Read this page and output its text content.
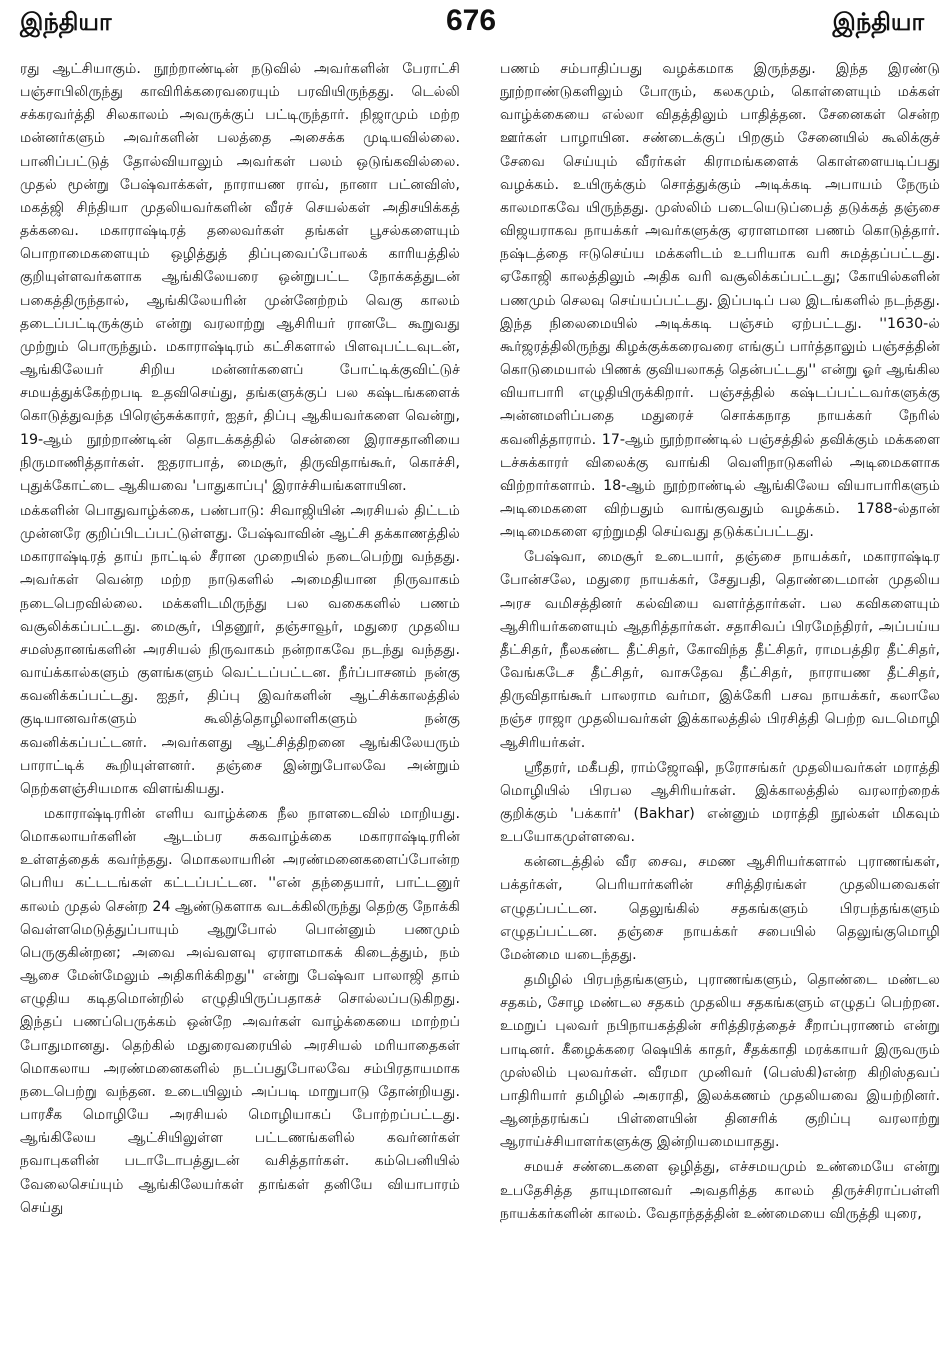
இந்தியா	676	இந்தியா

ரது ஆட்சியாகும். நூற்றாண்டின் நடுவில் அவர்களின் பேராட்சி பஞ்சாபிலிருந்து காவிரிக்கரைவரையும் பரவியிருந்தது. டெல்லி சக்கரவர்த்தி சிலகாலம் அவருக்குப் பட்டிருந்தார். நிஜாமும் மற்ற மன்னர்களும் அவர்களின் பலத்தை அசைக்க முடியவில்லை. பானிப்பட்டுத் தோல்வியாலும் அவர்கள் பலம் ஒடுங்கவில்லை. முதல் மூன்று பேஷ்வாக்கள், நாராயண ராவ், நானா பட்னவிஸ், மகத்ஜி சிந்தியா முதலியவர்களின் வீரச் செயல்கள் அதிசயிக்கத் தக்கவை. மகாராஷ்டிரத் தலைவர்கள் தங்கள் பூசல்களையும் பொறாமைகளையும் ஒழித்துத் திப்புவைப்போலக் காரியத்தில் குறியுள்ளவர்களாக ஆங்கிலேயரை ஒன்றுபட்ட நோக்கத்துடன் பகைத்திருந்தால், ஆங்கிலேயரின் முன்னேற்றம் வெகு காலம் தடைப்பட்டிருக்கும் என்று வரலாற்று ஆசிரியர் ரானடே கூறுவது முற்றும் பொருந்தும். மகாராஷ்டிரம் கட்சிகளால் பிளவுபட்டவுடன், ஆங்கிலேயர் சிறிய மன்னர்களைப் போட்டிக்குவிட்டுச் சமயத்துக்கேற்றபடி உதவிசெய்து, தங்களுக்குப் பல கஷ்டங்களைக் கொடுத்துவந்த பிரெஞ்சுக்காரர், ஐதர், திப்பு ஆகியவர்களை வென்று, 19-ஆம் நூற்றாண்டின் தொடக்கத்தில் சென்னை இராசதானியை நிருமாணித்தார்கள். ஐதராபாத், மைசூர், திருவிதாங்கூர், கொச்சி, புதுக்கோட்டை ஆகியவை 'பாதுகாப்பு' இராச்சியங்களாயின.

மக்களின் பொதுவாழ்க்கை, பண்பாடு: சிவாஜியின் அரசியல் திட்டம் முன்னரே குறிப்பிடப்பட்டுள்ளது. பேஷ்வாவின் ஆட்சி தக்காணத்தில் மகாராஷ்டிரத் தாய் நாட்டில் சீரான முறையில் நடைபெற்று வந்தது. அவர்கள் வென்ற மற்ற நாடுகளில் அமைதியான நிருவாகம் நடைபெறவில்லை. மக்களிடமிருந்து பல வகைகளில் பணம் வசூலிக்கப்பட்டது. மைசூர், பிதனூர், தஞ்சாவூர், மதுரை முதலிய சமஸ்தானங்களின் அரசியல் நிருவாகம் நன்றாகவே நடந்து வந்தது. வாய்க்கால்களும் குளங்களும் வெட்டப்பட்டன. நீர்ப்பாசனம் நன்கு கவனிக்கப்பட்டது. ஐதர், திப்பு இவர்களின் ஆட்சிக்காலத்தில் குடியானவர்களும் கூலித்தொழிலாளிகளும் நன்கு கவனிக்கப்பட்டனர். அவர்களது ஆட்சித்திறனை ஆங்கிலேயரும் பாராட்டிக் கூறியுள்ளனர். தஞ்சை இன்றுபோலவே அன்றும் நெற்களஞ்சியமாக விளங்கியது.

மகாராஷ்டிரரின் எளிய வாழ்க்கை நீல நாளடைவில் மாறியது. மொகலாயர்களின் ஆடம்பர சுகவாழ்க்கை மகாராஷ்டிரரின் உள்ளத்தைக் கவர்ந்தது. மொகலாயரின் அரண்மனைகளைப்போன்ற பெரிய கட்டடங்கள் கட்டப்பட்டன. ''என் தந்தையார், பாட்டனுர் காலம் முதல் சென்ற 24 ஆண்டுகளாக வடக்கிலிருந்து தெற்கு நோக்கி வெள்ளமெடுத்துப்பாயும் ஆறுபோல் பொன்னும் பணமும் பெருகுகின்றன; அவை அவ்வளவு ஏராளமாகக் கிடைத்தும், நம் ஆசை மேன்மேலும் அதிகரிக்கிறது'' என்று பேஷ்வா பாலாஜி தாம் எழுதிய கடிதமொன்றில் எழுதியிருப்பதாகச் சொல்லப்படுகிறது. இந்தப் பணப்பெருக்கம் ஒன்றே அவர்கள் வாழ்க்கையை மாற்றப் போதுமானது. தெற்கில் மதுரைவரையில் அரசியல் மரியாதைகள் மொகலாய அரண்மனைகளில் நடப்பதுபோலவே சம்பிரதாயமாக நடைபெற்று வந்தன. உடையிலும் அப்படி மாறுபாடு தோன்றியது. பாரசீக மொழியே அரசியல் மொழியாகப் போற்றப்பட்டது. ஆங்கிலேய ஆட்சியிலுள்ள பட்டணங்களில் கவர்னர்கள் நவாபுகளின் படாடோபத்துடன் வசித்தார்கள். கம்பெனியில் வேலைசெய்யும் ஆங்கிலேயர்கள் தாங்கள் தனியே வியாபாரம் செய்து

பணம் சம்பாதிப்பது வழக்கமாக இருந்தது. இந்த இரண்டு நூற்றாண்டுகளிலும் போரும், கலகமும், கொள்ளையும் மக்கள் வாழ்க்கையை எல்லா விதத்திலும் பாதித்தன. சேனைகள் சென்ற ஊர்கள் பாழாயின. சண்டைக்குப் பிறகும் சேனையில் கூலிக்குச் சேவை செய்யும் வீரர்கள் கிராமங்களைக் கொள்ளையடிப்பது வழக்கம். உயிருக்கும் சொத்துக்கும் அடிக்கடி அபாயம் நேரும் காலமாகவே யிருந்தது. முஸ்லிம் படையெடுப்பைத் தடுக்கத் தஞ்சை விஜயராகவ நாயக்கர் அவர்களுக்கு ஏராளமான பணம் கொடுத்தார். நஷ்டத்தை ஈடுசெய்ய மக்களிடம் உபரியாக வரி சுமத்தப்பட்டது. ஏகோஜி காலத்திலும் அதிக வரி வசூலிக்கப்பட்டது; கோயில்களின் பணமும் செலவு செய்யப்பட்டது. இப்படிப் பல இடங்களில் நடந்தது. இந்த நிலைமையில் அடிக்கடி பஞ்சம் ஏற்பட்டது. ''1630-ல் கூர்ஜரத்திலிருந்து கிழக்குக்கரைவரை எங்குப் பார்த்தாலும் பஞ்சத்தின் கொடுமையால் பிணக் குவியலாகத் தென்பட்டது'' என்று ஓர் ஆங்கில வியாபாரி எழுதியிருக்கிறார். பஞ்சத்தில் கஷ்டப்பட்டவர்களுக்கு அன்னமளிப்பதை மதுரைச் சொக்கநாத நாயக்கர் நேரில் கவனித்தாராம். 17-ஆம் நூற்றாண்டில் பஞ்சத்தில் தவிக்கும் மக்களை டச்சுக்காரர் விலைக்கு வாங்கி வெளிநாடுகளில் அடிமைகளாக விற்றார்களாம். 18-ஆம் நூற்றாண்டில் ஆங்கிலேய வியாபாரிகளும் அடிமைகளை விற்பதும் வாங்குவதும் வழக்கம். 1788-ல்தான் அடிமைகளை ஏற்றுமதி செய்வது தடுக்கப்பட்டது.

பேஷ்வா, மைசூர் உடையார், தஞ்சை நாயக்கர், மகாராஷ்டிர போன்சலே, மதுரை நாயக்கர், சேதுபதி, தொண்டைமான் முதலிய அரச வமிசத்தினர் கல்வியை வளர்த்தார்கள். பல கவிகளையும் ஆசிரியர்களையும் ஆதரித்தார்கள். சதாசிவப் பிரமேந்திரர், அப்பய்ய தீட்சிதர், நீலகண்ட தீட்சிதர், கோவிந்த தீட்சிதர், ராமபத்திர தீட்சிதர், வேங்கடேச தீட்சிதர், வாசுதேவ தீட்சிதர், நாராயண தீட்சிதர், திருவிதாங்கூர் பாலராம வர்மா, இக்கேரி பசவ நாயக்கர், கலாலே நஞ்ச ராஜா முதலியவர்கள் இக்காலத்தில் பிரசித்தி பெற்ற வடமொழி ஆசிரியர்கள்.

ஸ்ரீதரர், மகீபதி, ராம்ஜோஷி, நரோசங்கர் முதலியவர்கள் மராத்தி மொழியில் பிரபல ஆசிரியர்கள். இக்காலத்தில் வரலாற்றைக் குறிக்கும் 'பக்கார்' (Bakhar) என்னும் மராத்தி நூல்கள் மிகவும் உபயோகமுள்ளவை.

கன்னடத்தில் வீர சைவ, சமண ஆசிரியர்களால் புராணங்கள், பக்தர்கள், பெரியார்களின் சரித்திரங்கள் முதலியவைகள் எழுதப்பட்டன. தெலுங்கில் சதகங்களும் பிரபந்தங்களும் எழுதப்பட்டன. தஞ்சை நாயக்கர் சபையில் தெலுங்குமொழி மேன்மை யடைந்தது.

தமிழில் பிரபந்தங்களும், புராணங்களும், தொண்டை மண்டல சதகம், சோழ மண்டல சதகம் முதலிய சதகங்களும் எழுதப் பெற்றன. உமறுப் புலவர் நபிநாயகத்தின் சரித்திரத்தைச் சீறாப்புராணம் என்று பாடினர். கீழைக்கரை ஷெயிக் காதர், சீதக்காதி மரக்காயர் இருவரும் முஸ்லிம் புலவர்கள். வீரமா முனிவர் (பெஸ்கி)என்ற கிறிஸ்தவப் பாதிரியார் தமிழில் அகராதி, இலக்கணம் முதலியவை இயற்றினர். ஆனந்தரங்கப் பிள்ளையின் தினசரிக் குறிப்பு வரலாற்று ஆராய்ச்சியாளர்களுக்கு இன்றியமையாதது.

சமயச் சண்டைகளை ஒழித்து, எச்சமயமும் உண்மையே என்று உபதேசித்த தாயுமானவர் அவதரித்த காலம் திருச்சிராப்பள்ளி நாயக்கர்களின் காலம். வேதாந்தத்தின் உண்மையை விருத்தி யுரை,
